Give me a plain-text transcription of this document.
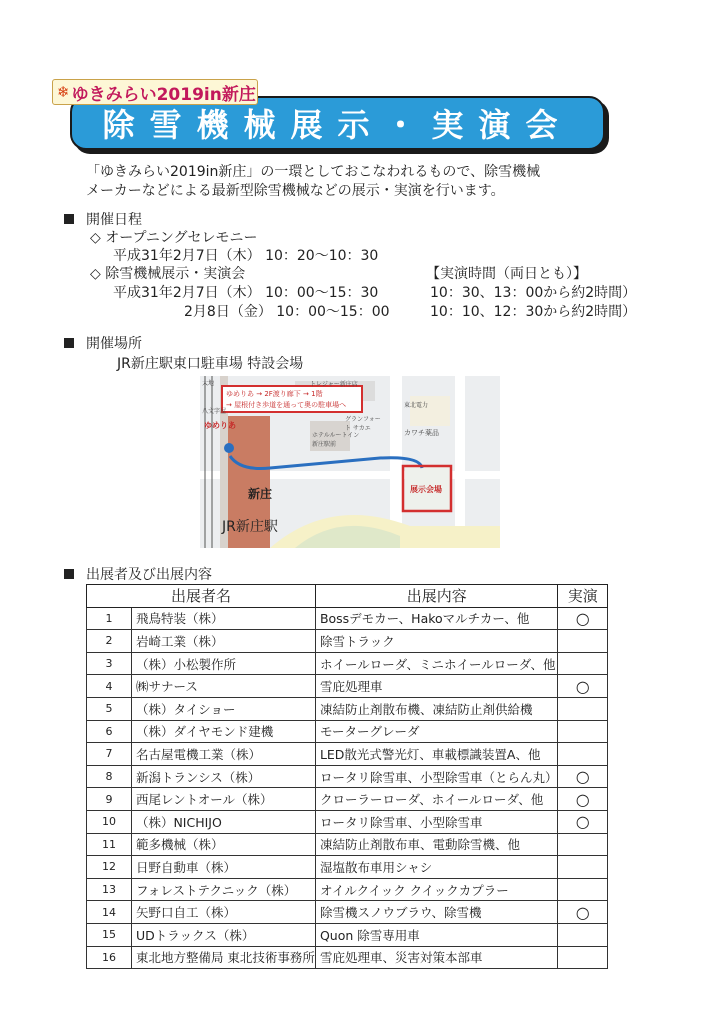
除雪機械展示・実演会
❄ ゆきみらい2019in新庄
「ゆきみらい2019in新庄」の一環としておこなわれるもので、除雪機械
メーカーなどによる最新型除雪機械などの展示・実演を行います。
開催日程
◇ オープニングセレモニー
平成31年2月7日（木） 10：20～10：30
◇ 除雪機械展示・実演会	【実演時間（両日とも）】
平成31年2月7日（木） 10：00～15：30
2月8日（金） 10：00～15：00
10：30、13：00から約2時間）
10：10、12：30から約2時間）
開催場所
JR新庄駅東口駐車場 特設会場
ゆめりあ → 2F渡り廊下 → 1階
→ 屋根付き歩道を通って奥の駐車場へ
ゆめりあ
展示会場
新庄
JR新庄駅
カワチ薬品
ホテルルートイン 新庄駅前
トレジャー新庄店
大地
八文字屋
グランフォート サカエ
東北電力
出展者及び出展内容
出展者名		出展内容	実演
1	飛鳥特装（株）	Bossデモカー、Hakoマルチカー、他	○
2	岩崎工業（株）	除雪トラック	
3	（株）小松製作所	ホイールローダ、ミニホイールローダ、他	
4	㈱サナース	雪庇処理車	○
5	（株）タイショー	凍結防止剤散布機、凍結防止剤供給機	
6	（株）ダイヤモンド建機	モーターグレーダ	
7	名古屋電機工業（株）	LED散光式警光灯、車載標識装置A、他	
8	新潟トランシス（株）	ロータリ除雪車、小型除雪車（とらん丸）	○
9	西尾レントオール（株）	クローラーローダ、ホイールローダ、他	○
10	（株）NICHIJO	ロータリ除雪車、小型除雪車	○
11	範多機械（株）	凍結防止剤散布車、電動除雪機、他	
12	日野自動車（株）	湿塩散布車用シャシ	
13	フォレストテクニック（株）	オイルクイック クイックカプラー	
14	矢野口自工（株）	除雪機スノウブラウ、除雪機	○
15	UDトラックス（株）	Quon 除雪専用車	
16	東北地方整備局 東北技術事務所	雪庇処理車、災害対策本部車	
